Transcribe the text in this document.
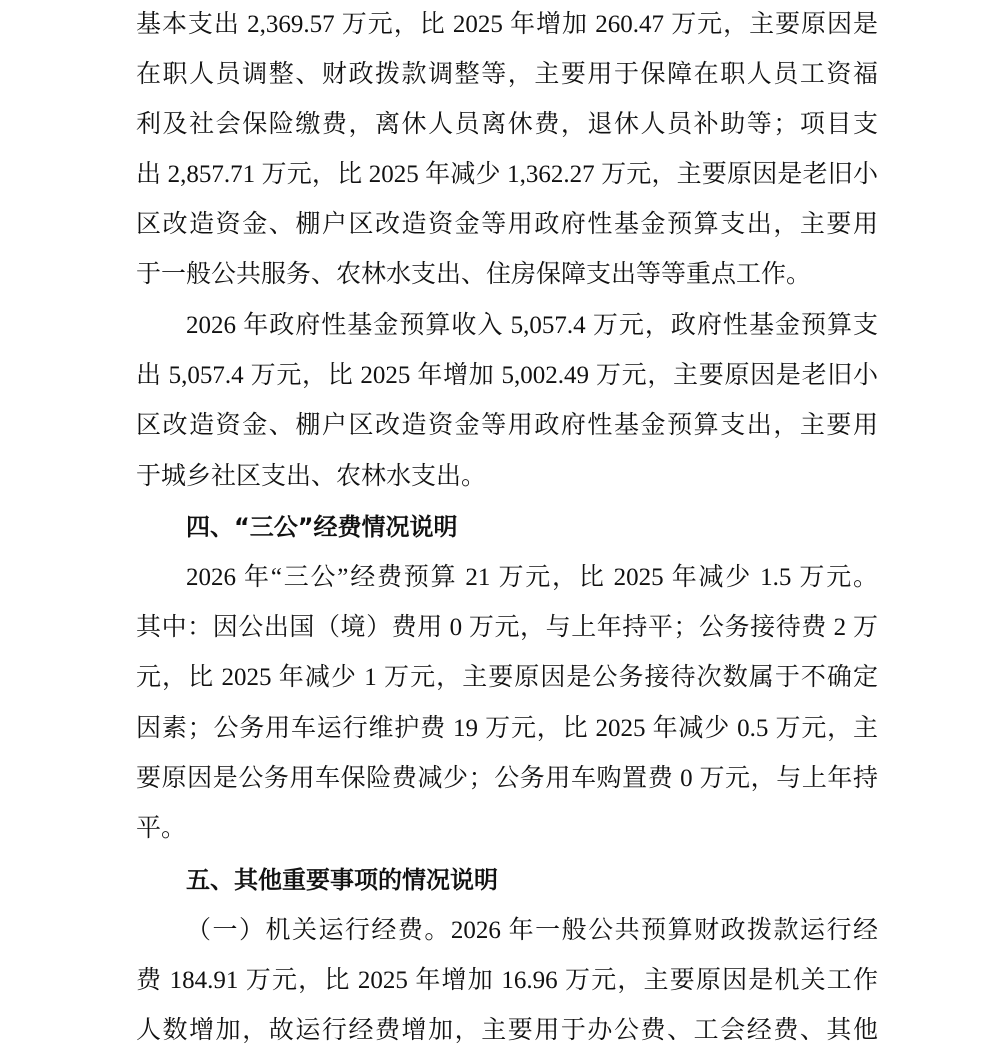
基本支出 2,369.57 万元，比 2025 年增加 260.47 万元，主要原因是
在职人员调整、财政拨款调整等，主要用于保障在职人员工资福
利及社会保险缴费，离休人员离休费，退休人员补助等；项目支
出 2,857.71 万元，比 2025 年减少 1,362.27 万元，主要原因是老旧小
区改造资金、棚户区改造资金等用政府性基金预算支出，主要用
于一般公共服务、农林水支出、住房保障支出等等重点工作。
2026 年政府性基金预算收入 5,057.4 万元，政府性基金预算支
出 5,057.4 万元，比 2025 年增加 5,002.49 万元，主要原因是老旧小
区改造资金、棚户区改造资金等用政府性基金预算支出，主要用
于城乡社区支出、农林水支出。
四、“三公”经费情况说明
2026 年“三公”经费预算 21 万元，比 2025 年减少 1.5 万元。
其中：因公出国（境）费用 0 万元，与上年持平；公务接待费 2 万
元，比 2025 年减少 1 万元，主要原因是公务接待次数属于不确定
因素；公务用车运行维护费 19 万元，比 2025 年减少 0.5 万元，主
要原因是公务用车保险费减少；公务用车购置费 0 万元，与上年持
平。
五、其他重要事项的情况说明
（一）机关运行经费。2026 年一般公共预算财政拨款运行经
费 184.91 万元，比 2025 年增加 16.96 万元，主要原因是机关工作
人数增加，故运行经费增加，主要用于办公费、工会经费、其他
